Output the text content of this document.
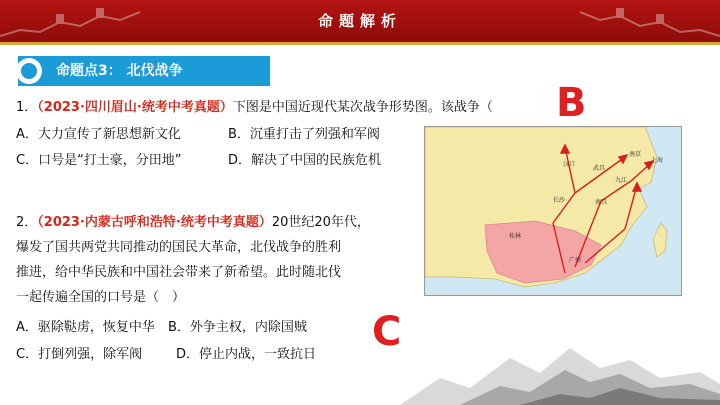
命题解析
命题点3： 北伐战争
1．（2023·四川眉山·统考中考真题）下图是中国近现代某次战争形势图。该战争（ B
A．大力宣传了新思想新文化	B．沉重打击了列强和军阀
C．口号是“打土豪，分田地”	D．解决了中国的民族危机
2．（2023·内蒙古呼和浩特·统考中考真题）20世纪20年代，
爆发了国共两党共同推动的国民大革命，北伐战争的胜利
推进，给中华民族和中国社会带来了新希望。此时随北伐
一起传遍全国的口号是（　）
C
A．驱除鞑虏，恢复中华 B．外争主权，内除国贼
C．打倒列强，除军阀	D．停止内战，一致抗日
南京
上海
汉口
武昌
九江
长沙	南昌
桂林
广州
